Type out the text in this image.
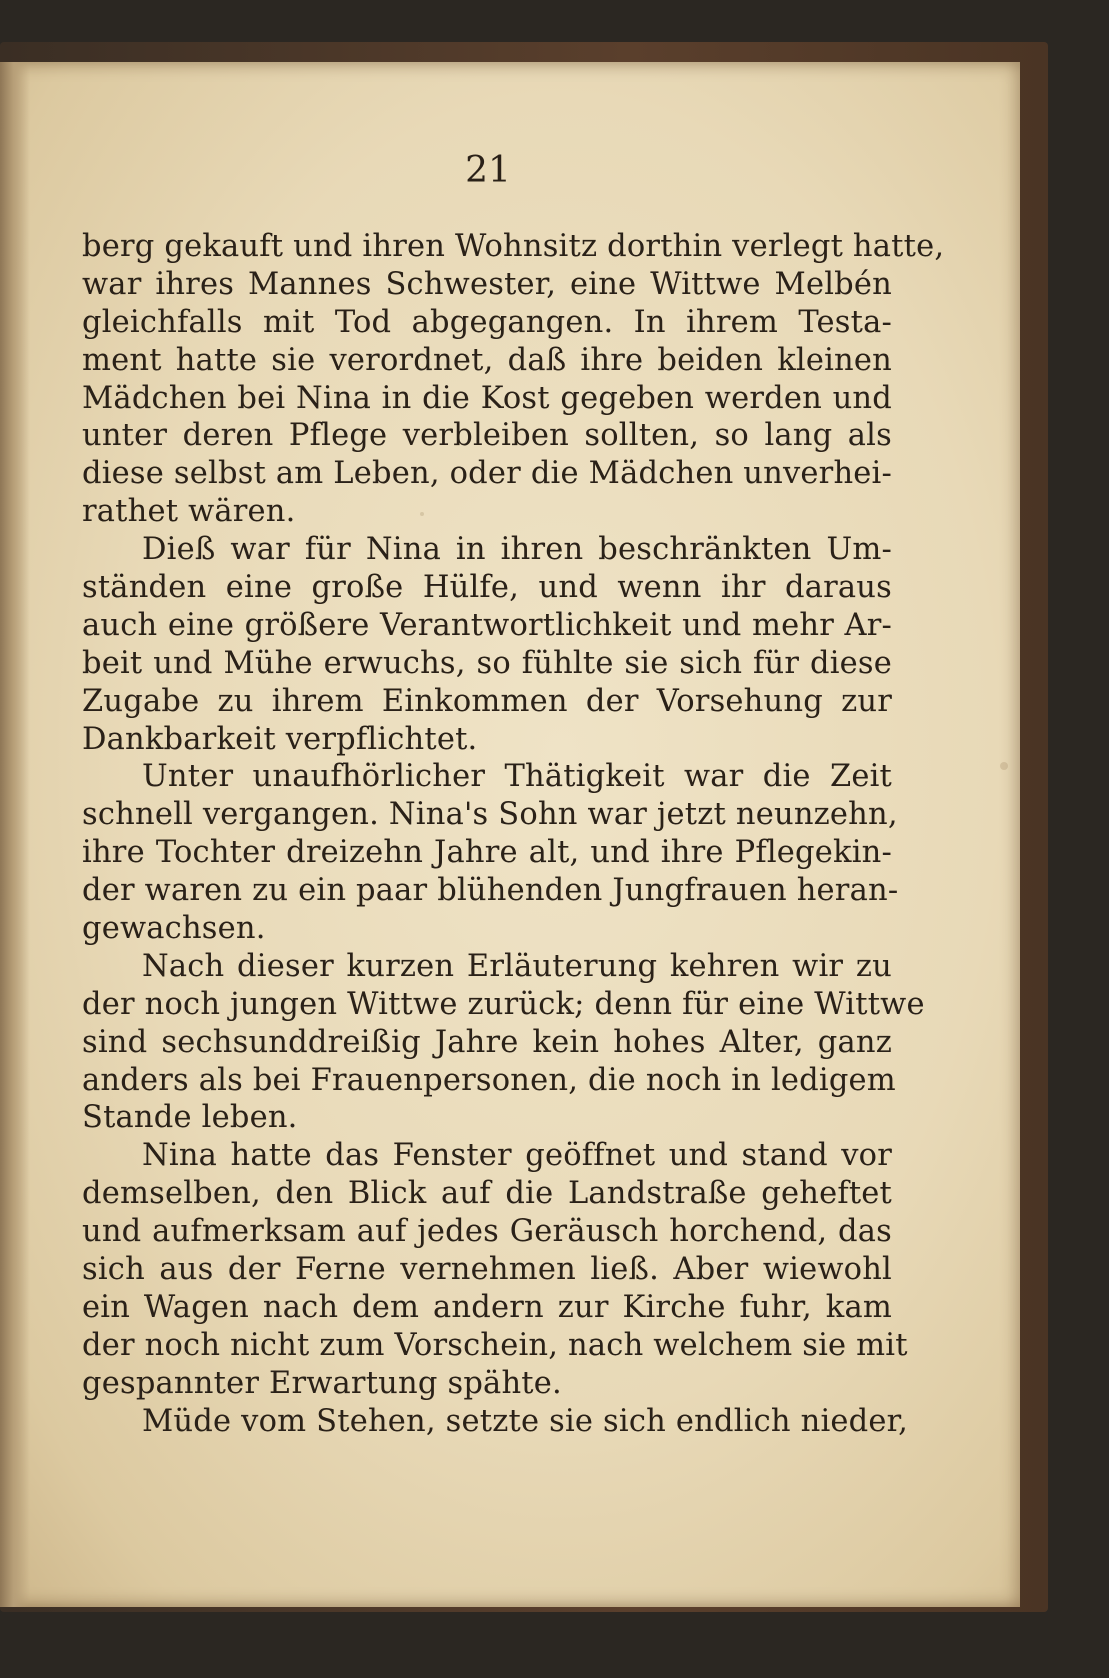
21
berg gekauft und ihren Wohnsitz dorthin verlegt hatte,
war ihres Mannes Schwester, eine Wittwe Melbén
gleichfalls mit Tod abgegangen. In ihrem Testa-
ment hatte sie verordnet, daß ihre beiden kleinen
Mädchen bei Nina in die Kost gegeben werden und
unter deren Pflege verbleiben sollten, so lang als
diese selbst am Leben, oder die Mädchen unverhei-
rathet wären.
Dieß war für Nina in ihren beschränkten Um-
ständen eine große Hülfe, und wenn ihr daraus
auch eine größere Verantwortlichkeit und mehr Ar-
beit und Mühe erwuchs, so fühlte sie sich für diese
Zugabe zu ihrem Einkommen der Vorsehung zur
Dankbarkeit verpflichtet.
Unter unaufhörlicher Thätigkeit war die Zeit
schnell vergangen. Nina's Sohn war jetzt neunzehn,
ihre Tochter dreizehn Jahre alt, und ihre Pflegekin-
der waren zu ein paar blühenden Jungfrauen heran-
gewachsen.
Nach dieser kurzen Erläuterung kehren wir zu
der noch jungen Wittwe zurück; denn für eine Wittwe
sind sechsunddreißig Jahre kein hohes Alter, ganz
anders als bei Frauenpersonen, die noch in ledigem
Stande leben.
Nina hatte das Fenster geöffnet und stand vor
demselben, den Blick auf die Landstraße geheftet
und aufmerksam auf jedes Geräusch horchend, das
sich aus der Ferne vernehmen ließ. Aber wiewohl
ein Wagen nach dem andern zur Kirche fuhr, kam
der noch nicht zum Vorschein, nach welchem sie mit
gespannter Erwartung spähte.
Müde vom Stehen, setzte sie sich endlich nieder,
